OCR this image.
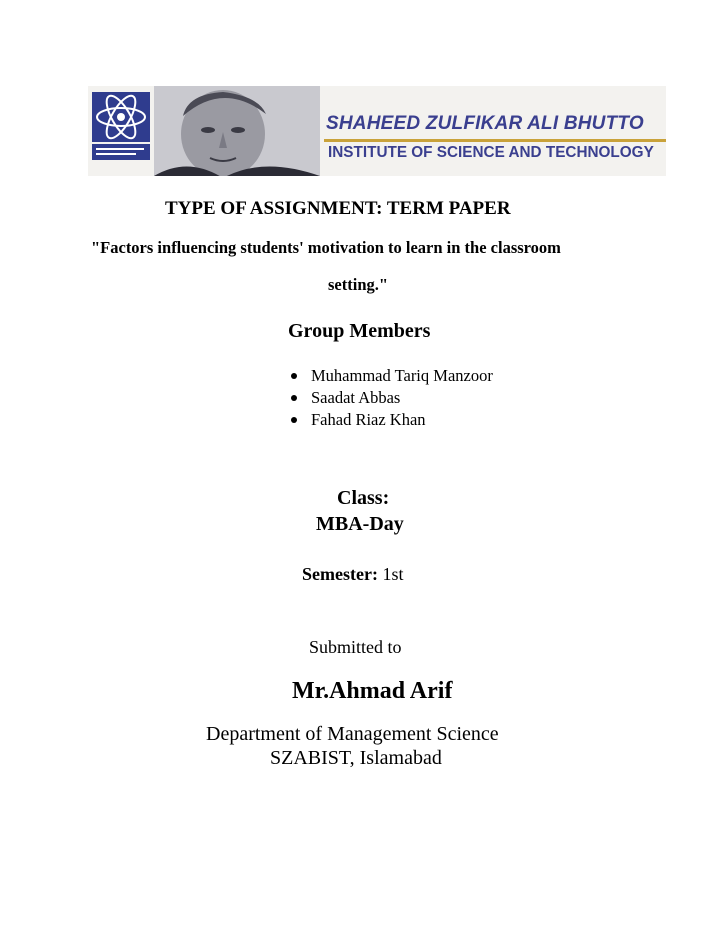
SHAHEED ZULFIKAR ALI BHUTTO
INSTITUTE OF SCIENCE AND TECHNOLOGY
TYPE OF ASSIGNMENT: TERM PAPER
"Factors influencing students' motivation to learn in the classroom
setting."
Group Members
Muhammad Tariq Manzoor
Saadat Abbas
Fahad Riaz Khan
Class:
MBA-Day
Semester: 1st
Submitted to
Mr.Ahmad Arif
Department of Management Science
SZABIST, Islamabad
